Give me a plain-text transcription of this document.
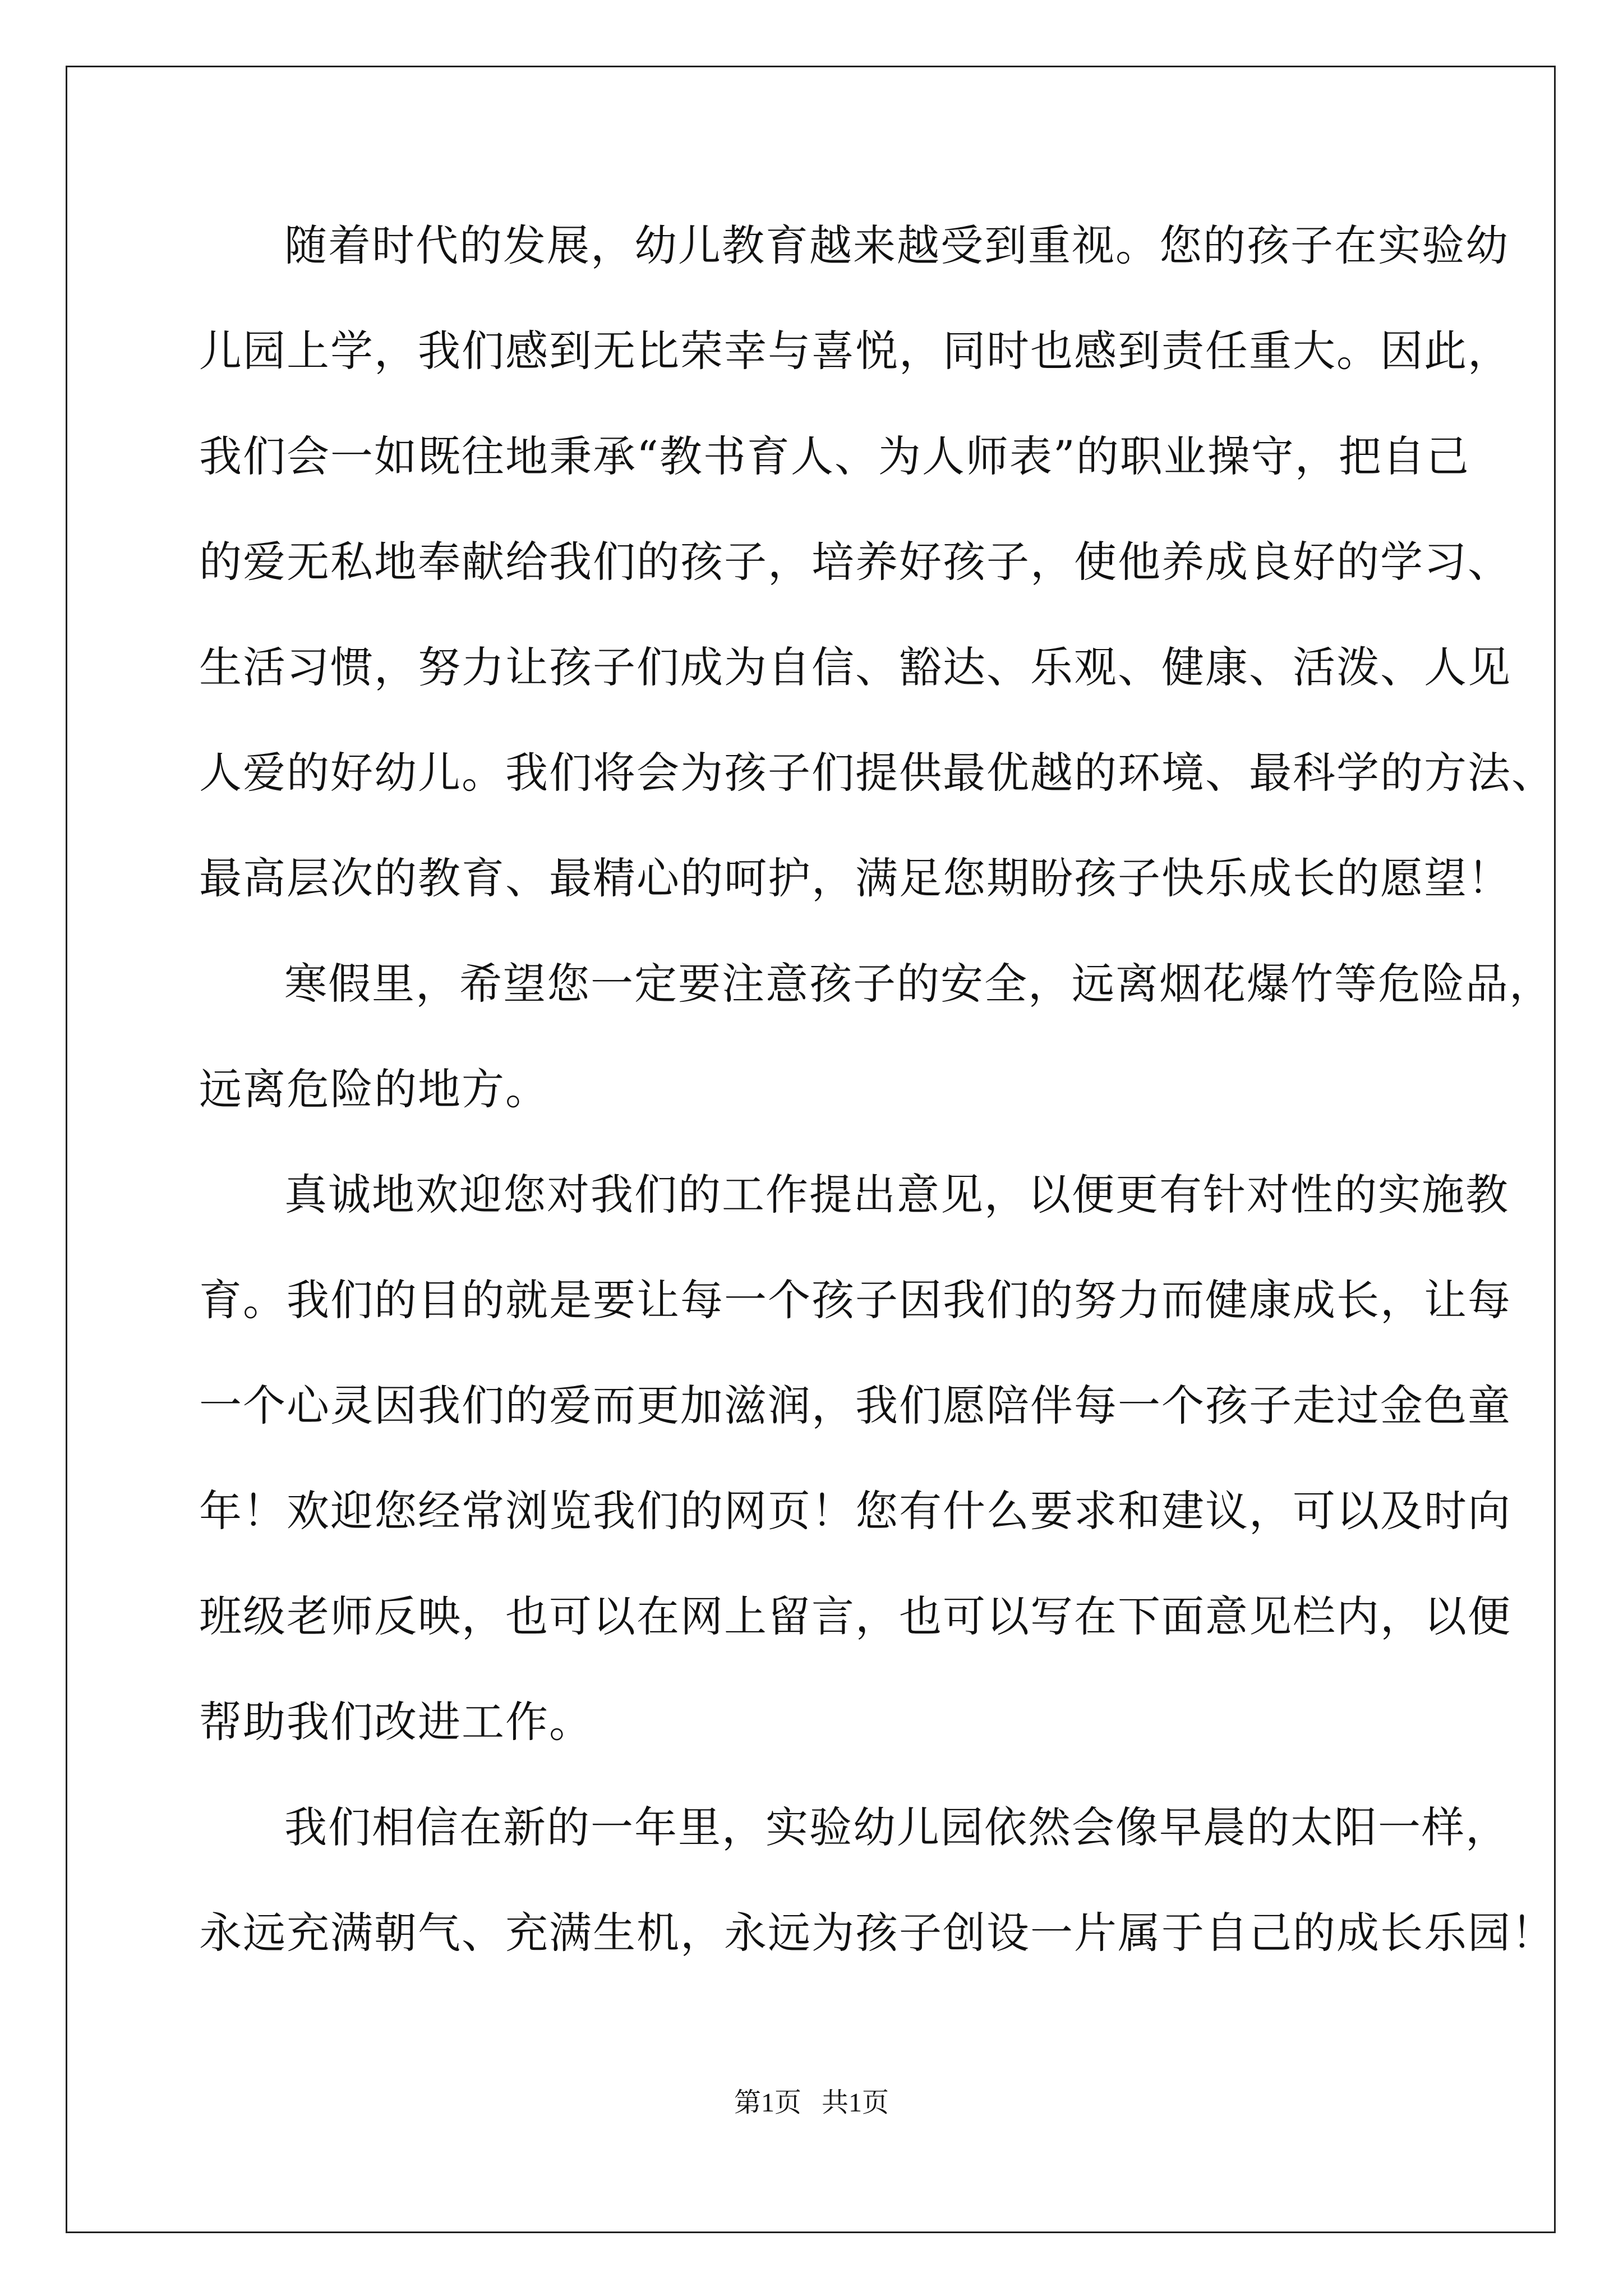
随着时代的发展，幼儿教育越来越受到重视。您的孩子在实验幼
儿园上学，我们感到无比荣幸与喜悦，同时也感到责任重大。因此，
我们会一如既往地秉承“教书育人、为人师表”的职业操守，把自己
的爱无私地奉献给我们的孩子，培养好孩子，使他养成良好的学习、
生活习惯，努力让孩子们成为自信、豁达、乐观、健康、活泼、人见
人爱的好幼儿。我们将会为孩子们提供最优越的环境、最科学的方法、
最高层次的教育、最精心的呵护，满足您期盼孩子快乐成长的愿望！
寒假里，希望您一定要注意孩子的安全，远离烟花爆竹等危险品，
远离危险的地方。
真诚地欢迎您对我们的工作提出意见，以便更有针对性的实施教
育。我们的目的就是要让每一个孩子因我们的努力而健康成长，让每
一个心灵因我们的爱而更加滋润，我们愿陪伴每一个孩子走过金色童
年！欢迎您经常浏览我们的网页！您有什么要求和建议，可以及时向
班级老师反映，也可以在网上留言，也可以写在下面意见栏内，以便
帮助我们改进工作。
我们相信在新的一年里，实验幼儿园依然会像早晨的太阳一样，
永远充满朝气、充满生机，永远为孩子创设一片属于自己的成长乐园！
第1页   共1页
